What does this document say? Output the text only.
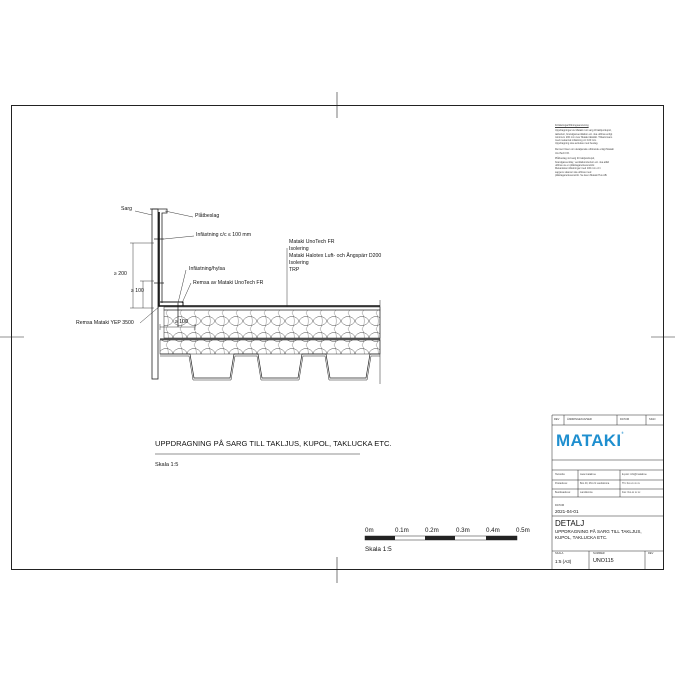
Sarg
Plåtbeslag
Infästning c/c ≤ 100 mm
Infästning/hylsa
Remsa av Mataki UnoTech FR
Remsa Mataki YEP 3500
≥ 200
≥ 100
≥ 100
Mataki UnoTech FR
Isolering
Mataki Halotex Luft- och Ångspärr D200
Isolering
TRP
UPPDRAGNING PÅ SARG TILL TAKLJUS, KUPOL, TAKLUCKA ETC.
Skala 1:5
0m	0.1m	0.2m	0.3m	0.4m	0.5m
Skala 1:5
Förklaringar/Ritningsanvisning
Uppdragningar av Mataki mot sarg till takljus/kupol,
takluckor, brandgasventilation etc. ska utföras enligt
minimum 200 mm över Mataki tätskikt. Tillsammans
med mekanisk infästning c/c 100 mm.
Uppdragning ska avslutas med beslag.
Remsor lösen om detaljerade utförande enligt Mataki
UnoTech FR.
Plåtbeslag vid sarg för takljus/kupol,
brandgasventiler, ventilationsluckor etc. ska alltid
utföras av en plåtslagare/leverantör.
Mekaniska infästningar med 100 mm c/c i
sargens skarvar ska utföras med
plåtslagare/leverantör. Se även Mataki Hus AB.
REV	ÄNDRINGEN AVSER	DATUM	SIGN
MATAKI®
Hemsida:	www.mataki.se	E-post: info@mataki.se
Postadress:	Box 40, 261 21 Landskrona	Tfn: 0xx-xx xx xx
Besöksadress:	Landskrona	Fax: 0xx-xx xx xx
DATUM
2021-04-01
DETALJ
UPPDRAGNING PÅ SARG TILL TAKLJUS,
KUPOL, TAKLUCKA ETC.
SKALA
1:5 (A3)
NUMMER
UNO115
REV
